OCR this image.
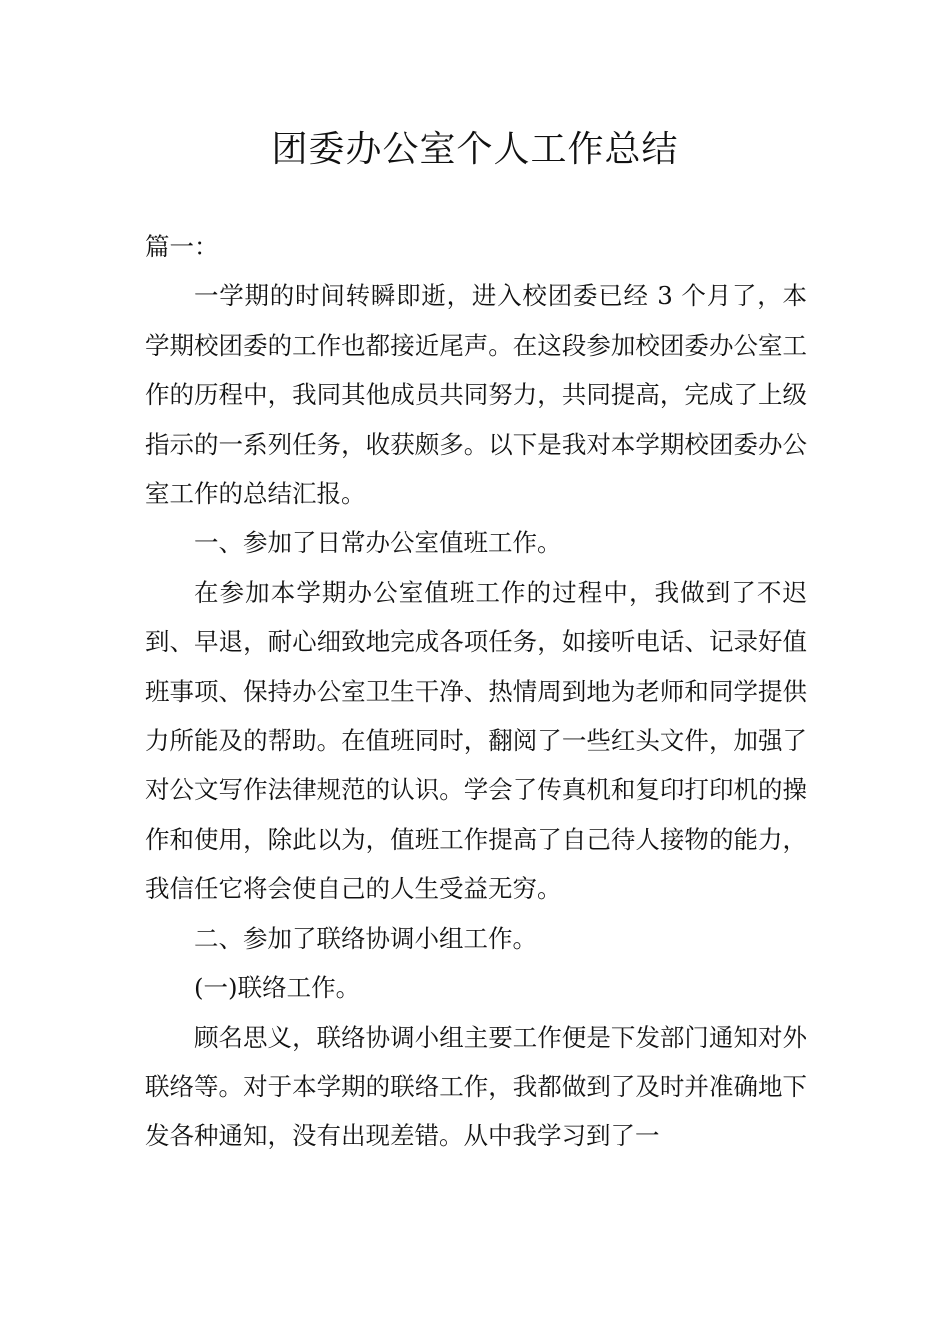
团委办公室个人工作总结

篇一：

一学期的时间转瞬即逝，进入校团委已经 3 个月了，本学期校团委的工作也都接近尾声。在这段参加校团委办公室工作的历程中，我同其他成员共同努力，共同提高，完成了上级指示的一系列任务，收获颇多。以下是我对本学期校团委办公室工作的总结汇报。

一、参加了日常办公室值班工作。

在参加本学期办公室值班工作的过程中，我做到了不迟到、早退，耐心细致地完成各项任务，如接听电话、记录好值班事项、保持办公室卫生干净、热情周到地为老师和同学提供力所能及的帮助。在值班同时，翻阅了一些红头文件，加强了对公文写作法律规范的认识。学会了传真机和复印打印机的操作和使用，除此以为，值班工作提高了自己待人接物的能力，我信任它将会使自己的人生受益无穷。

二、参加了联络协调小组工作。

(一)联络工作。

顾名思义，联络协调小组主要工作便是下发部门通知对外联络等。对于本学期的联络工作，我都做到了及时并准确地下发各种通知，没有出现差错。从中我学习到了一
